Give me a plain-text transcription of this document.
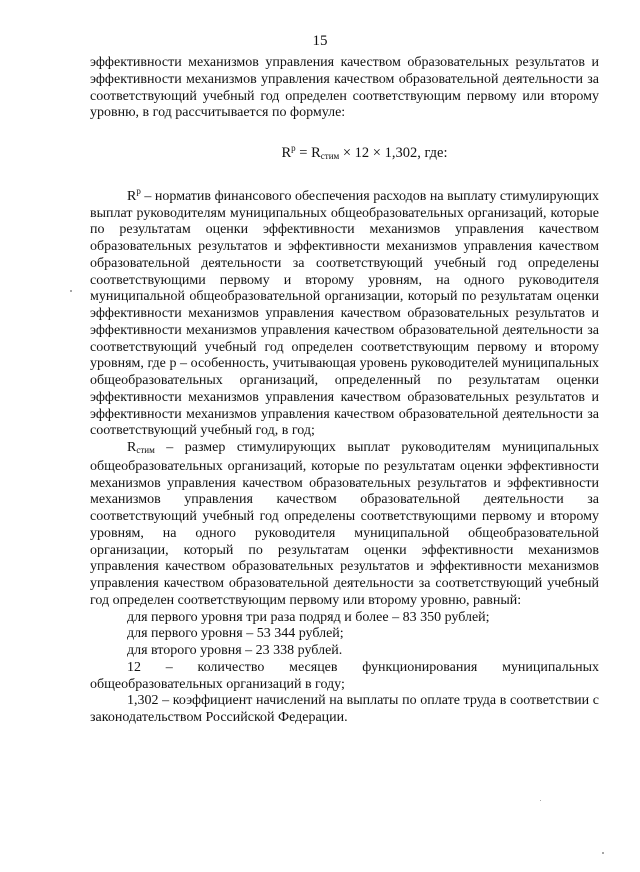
15

эффективности механизмов управления качеством образовательных результатов и эффективности механизмов управления качеством образовательной деятельности за соответствующий учебный год определен соответствующим первому или второму уровню, в год рассчитывается по формуле:

$R^p = R_{стим} \times 12 \times 1,302$, где:

$R^p$ – норматив финансового обеспечения расходов на выплату стимулирующих выплат руководителям муниципальных общеобразовательных организаций, которые по результатам оценки эффективности механизмов управления качеством образовательных результатов и эффективности механизмов управления качеством образовательной деятельности за соответствующий учебный год определены соответствующими первому и второму уровням, на одного руководителя муниципальной общеобразовательной организации, который по результатам оценки эффективности механизмов управления качеством образовательных результатов и эффективности механизмов управления качеством образовательной деятельности за соответствующий учебный год определен соответствующим первому и второму уровням, где р – особенность, учитывающая уровень руководителей муниципальных общеобразовательных организаций, определенный по результатам оценки эффективности механизмов управления качеством образовательных результатов и эффективности механизмов управления качеством образовательной деятельности за соответствующий учебный год, в год;

$R_{стим}$ – размер стимулирующих выплат руководителям муниципальных общеобразовательных организаций, которые по результатам оценки эффективности механизмов управления качеством образовательных результатов и эффективности механизмов управления качеством образовательной деятельности за соответствующий учебный год определены соответствующими первому и второму уровням, на одного руководителя муниципальной общеобразовательной организации, который по результатам оценки эффективности механизмов управления качеством образовательных результатов и эффективности механизмов управления качеством образовательной деятельности за соответствующий учебный год определен соответствующим первому или второму уровню, равный:

для первого уровня три раза подряд и более – 83 350 рублей;

для первого уровня – 53 344 рублей;

для второго уровня – 23 338 рублей.

12 – количество месяцев функционирования муниципальных общеобразовательных организаций в году;

1,302 – коэффициент начислений на выплаты по оплате труда в соответствии с законодательством Российской Федерации.
